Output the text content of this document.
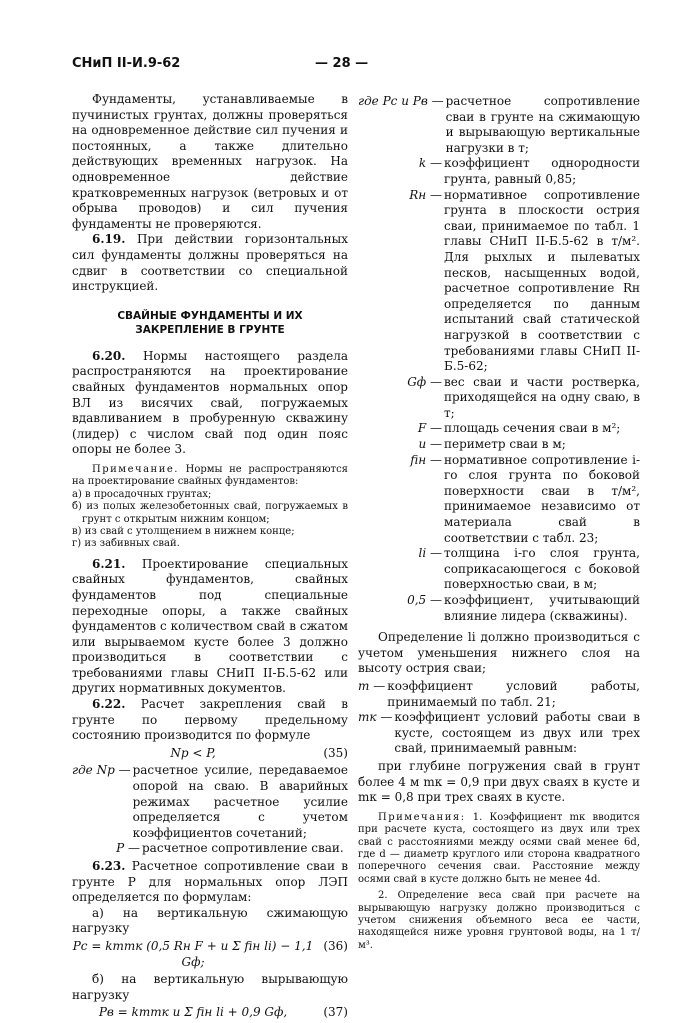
СНиП II-И.9-62	— 28 —

Фундаменты, устанавливаемые в пучинистых грунтах, должны проверяться на одновременное действие сил пучения и постоянных, а также длительно действующих временных нагрузок. На одновременное действие кратковременных нагрузок (ветровых и от обрыва проводов) и сил пучения фундаменты не проверяются.

6.19. При действии горизонтальных сил фундаменты должны проверяться на сдвиг в соответствии со специальной инструкцией.

СВАЙНЫЕ ФУНДАМЕНТЫ И ИХ ЗАКРЕПЛЕНИЕ В ГРУНТЕ

6.20. Нормы настоящего раздела распространяются на проектирование свайных фундаментов нормальных опор ВЛ из висячих свай, погружаемых вдавливанием в пробуренную скважину (лидер) с числом свай под один пояс опоры не более 3.

Примечание. Нормы не распространяются на проектирование свайных фундаментов:

а) в просадочных грунтах;
б) из полых железобетонных свай, погружаемых в грунт с открытым нижним концом;
в) из свай с утолщением в нижнем конце;
г) из забивных свай.

6.21. Проектирование специальных свайных фундаментов, свайных фундаментов под специальные переходные опоры, а также свайных фундаментов с количеством свай в сжатом или вырываемом кусте более 3 должно производиться в соответствии с требованиями главы СНиП II-Б.5-62 или других нормативных документов.

6.22. Расчет закрепления свай в грунте по первому предельному состоянию производится по формуле

Nр < P,	(35)
где Nр — расчетное усилие, передаваемое опорой на сваю. В аварийных режимах расчетное усилие определяется с учетом коэффициентов сочетаний;
P — расчетное сопротивление сваи.

6.23. Расчетное сопротивление сваи в грунте P для нормальных опор ЛЭП определяется по формулам:

а) на вертикальную сжимающую нагрузку

Pс = kmmк (0,5 Rн F + u Σ fiн li) − 1,1 Gф;
(36)

б) на вертикальную вырывающую нагрузку

Pв = kmmк u Σ fiн li + 0,9 Gф,	(37)
где Pс и Pв — расчетное сопротивление сваи в грунте на сжимающую и вырывающую вертикальные нагрузки в т;
k — коэффициент однородности грунта, равный 0,85;
Rн — нормативное сопротивление грунта в плоскости острия сваи, принимаемое по табл. 1 главы СНиП II-Б.5-62 в т/м². Для рыхлых и пылеватых песков, насыщенных водой, расчетное сопротивление Rн определяется по данным испытаний свай статической нагрузкой в соответствии с требованиями главы СНиП II-Б.5-62;
Gф — вес сваи и части ростверка, приходящейся на одну сваю, в т;
F — площадь сечения сваи в м²;
u — периметр сваи в м;
fiн — нормативное сопротивление i-го слоя грунта по боковой поверхности сваи в т/м², принимаемое независимо от материала свай в соответствии с табл. 23;
li — толщина i-го слоя грунта, соприкасающегося с боковой поверхностью сваи, в м;
0,5 — коэффициент, учитывающий влияние лидера (скважины).

Определение li должно производиться с учетом уменьшения нижнего слоя на высоту острия сваи;

m — коэффициент условий работы, принимаемый по табл. 21;
mк — коэффициент условий работы сваи в кусте, состоящем из двух или трех свай, принимаемый равным:

при глубине погружения свай в грунт более 4 м mк = 0,9 при двух сваях в кусте и mк = 0,8 при трех сваях в кусте.

Примечания: 1. Коэффициент mк вводится при расчете куста, состоящего из двух или трех свай с расстояниями между осями свай менее 6d, где d — диаметр круглого или сторона квадратного поперечного сечения сваи. Расстояние между осями свай в кусте должно быть не менее 4d.

2. Определение веса свай при расчете на вырывающую нагрузку должно производиться с учетом снижения объемного веса ее части, находящейся ниже уровня грунтовой воды, на 1 т/м³.
